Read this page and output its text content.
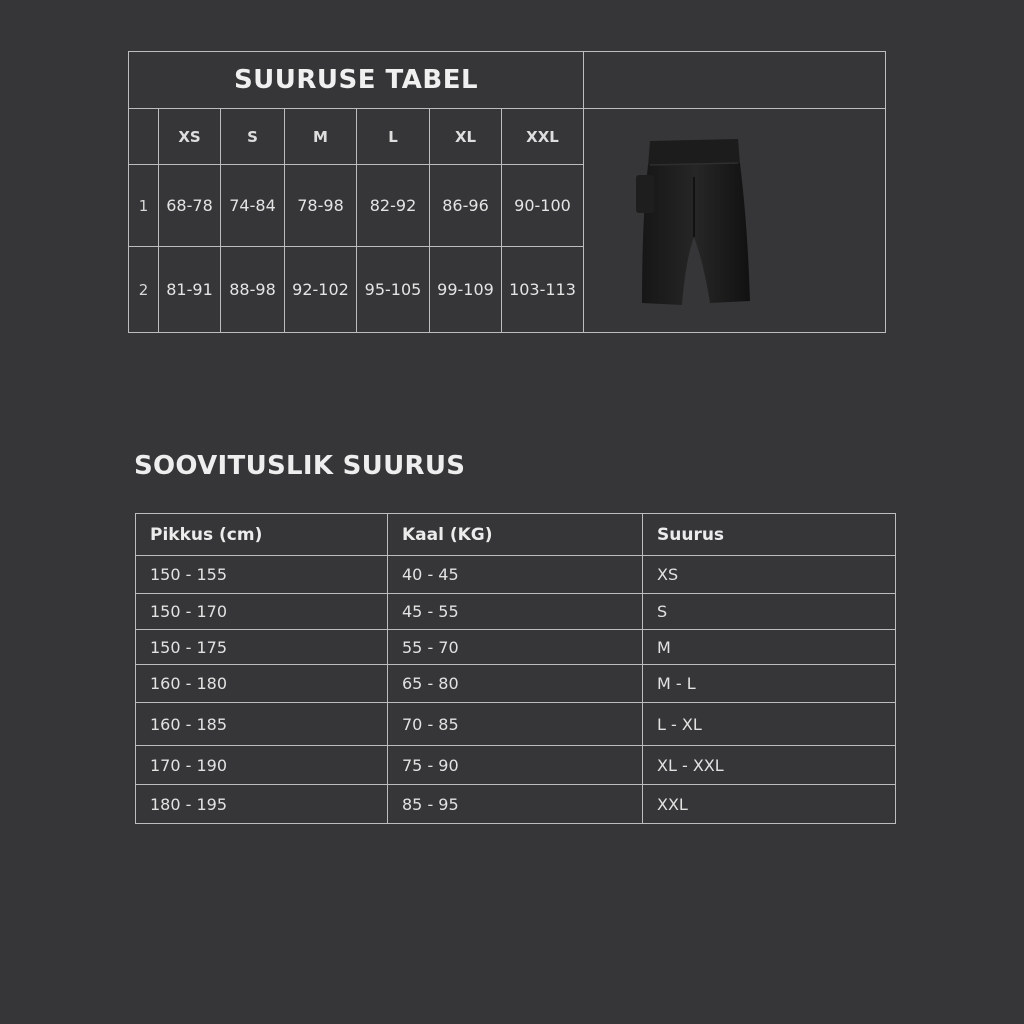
SUURUSE TABEL							
	XS	S	M	L	XL	XXL	

1	68-78	74-84	78-98	82-92	86-96	90-100	
2	81-91	88-98	92-102	95-105	99-109	103-113	
SOOVITUSLIK SUURUS
Pikkus (cm)	Kaal (KG)	Suurus
150 - 155	40 - 45	XS
150 - 170	45 - 55	S
150 - 175	55 - 70	M
160 - 180	65 - 80	M - L
160 - 185	70 - 85	L - XL
170 - 190	75 - 90	XL - XXL
180 - 195	85 - 95	XXL
